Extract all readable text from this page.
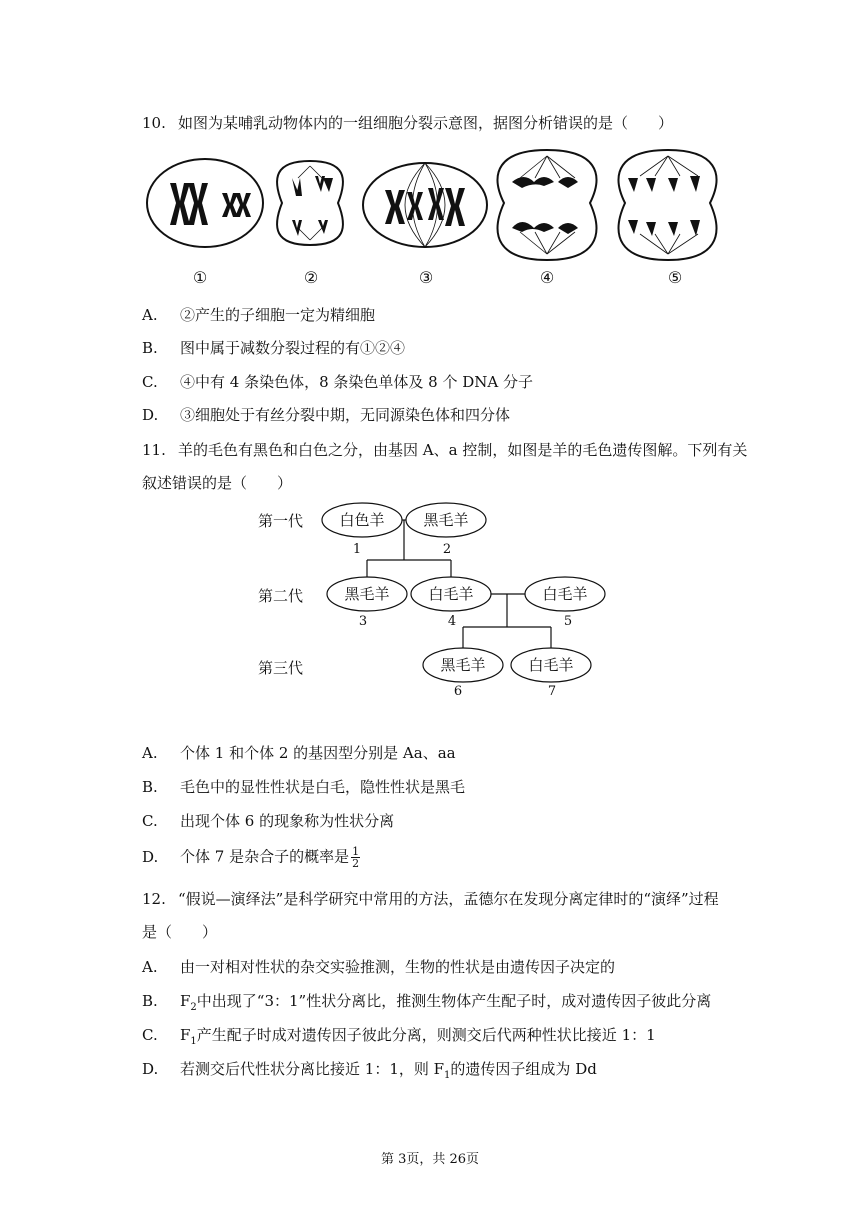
10. 如图为某哺乳动物体内的一组细胞分裂示意图，据图分析错误的是（　　）
①	②	③	④	⑤
A. ②产生的子细胞一定为精细胞
B. 图中属于减数分裂过程的有①②④
C. ④中有 4 条染色体，8 条染色单体及 8 个 DNA 分子
D. ③细胞处于有丝分裂中期，无同源染色体和四分体
11. 羊的毛色有黑色和白色之分，由基因 A、a 控制，如图是羊的毛色遗传图解。下列有关
叙述错误的是（　　）
第一代
第二代
第三代
白色羊	黑毛羊
黑毛羊	白毛羊	白毛羊
黑毛羊	白毛羊
1	2
3	4	5
6	7
A. 个体 1 和个体 2 的基因型分别是 Aa、aa
B. 毛色中的显性性状是白毛，隐性性状是黑毛
C. 出现个体 6 的现象称为性状分离
D. 个体 7 是杂合子的概率是 $\frac{1}{2}$
12. “假说—演绎法”是科学研究中常用的方法，孟德尔在发现分离定律时的“演绎”过程
是（　　）
A. 由一对相对性状的杂交实验推测，生物的性状是由遗传因子决定的
B. $F_2$中出现了“3：1”性状分离比，推测生物体产生配子时，成对遗传因子彼此分离
C. $F_1$产生配子时成对遗传因子彼此分离，则测交后代两种性状比接近 1：1
D. 若测交后代性状分离比接近 1：1，则 $F_1$的遗传因子组成为 Dd
第 3页，共 26页
